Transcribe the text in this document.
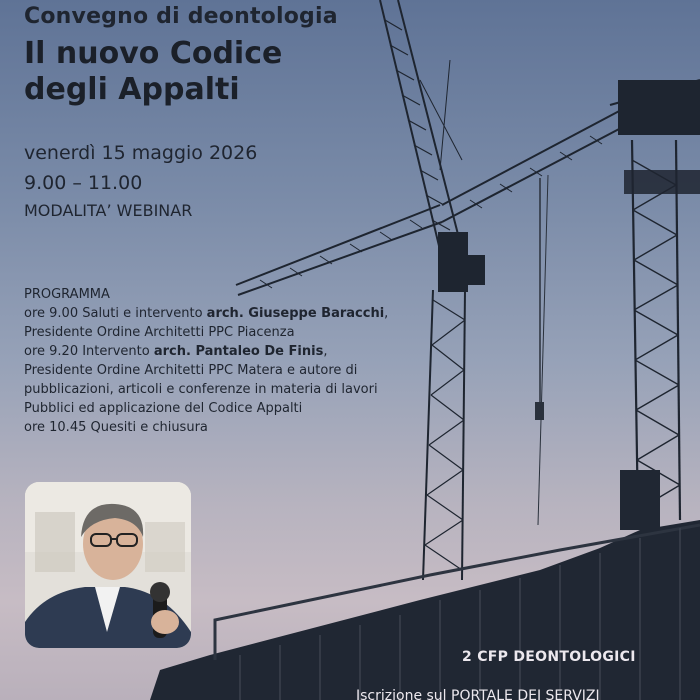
Convegno di deontologia
Il nuovo Codice
degli Appalti
venerdì 15 maggio 2026
9.00 – 11.00
MODALITA’ WEBINAR
PROGRAMMA
ore 9.00 Saluti e intervento arch. Giuseppe Baracchi,
Presidente Ordine Architetti PPC Piacenza
ore 9.20 Intervento arch. Pantaleo De Finis,
Presidente Ordine Architetti PPC Matera e autore di
pubblicazioni, articoli e conferenze in materia di lavori
Pubblici ed applicazione del Codice Appalti
ore 10.45 Quesiti e chiusura
2 CFP DEONTOLOGICI
Iscrizione sul PORTALE DEI SERVIZI
